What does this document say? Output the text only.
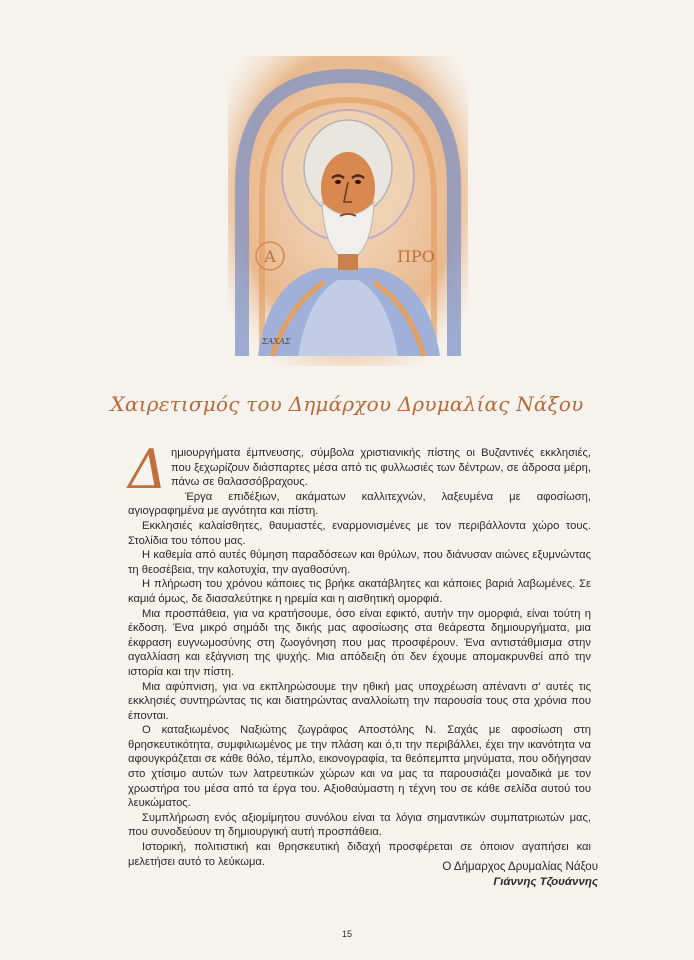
Α	ΠΡΟ
ΣΑΧΑΣ
Χαιρετισμός του Δημάρχου Δρυμαλίας Νάξου

Δημιουργήματα έμπνευσης, σύμβολα χριστιανικής πίστης οι Βυζαντινές εκκλησιές, που ξεχωρίζουν διάσπαρτες μέσα από τις φυλλωσιές των δέντρων, σε άδροσα μέρη, πάνω σε θαλασσόβραχους.

Έργα επιδέξιων, ακάματων καλλιτεχνών, λαξευμένα με αφοσίωση, αγιογραφημένα με αγνότητα και πίστη.

Εκκλησιές καλαίσθητες, θαυμαστές, εναρμονισμένες με τον περιβάλλοντα χώρο τους. Στολίδια του τόπου μας.

Η καθεμία από αυτές θύμηση παραδόσεων και θρύλων, που διάνυσαν αιώνες εξυμνώντας τη θεοσέβεια, την καλοτυχία, την αγαθοσύνη.

Η πλήρωση του χρόνου κάποιες τις βρήκε ακατάβλητες και κάποιες βαριά λαβωμένες. Σε καμιά όμως, δε διασαλεύτηκε η ηρεμία και η αισθητική ομορφιά.

Μια προσπάθεια, για να κρατήσουμε, όσο είναι εφικτό, αυτήν την ομορφιά, είναι τούτη η έκδοση. Ένα μικρό σημάδι της δικής μας αφοσίωσης στα θεάρεστα δημιουργήματα, μια έκφραση ευγνωμοσύνης στη ζωογόνηση που μας προσφέρουν. Ένα αντιστάθμισμα στην αγαλλίαση και εξάγνιση της ψυχής. Μια απόδειξη ότι δεν έχουμε απομακρυνθεί από την ιστορία και την πίστη.

Μια αφύπνιση, για να εκπληρώσουμε την ηθική μας υποχρέωση απέναντι σ' αυτές τις εκκλησιές συντηρώντας τις και διατηρώντας αναλλοίωτη την παρουσία τους στα χρόνια που έπονται.

Ο καταξιωμένος Ναξιώτης ζωγράφος Αποστόλης Ν. Σαχάς με αφοσίωση στη θρησκευτικότητα, συμφιλιωμένος με την πλάση και ό,τι την περιβάλλει, έχει την ικανότητα να αφουγκράζεται σε κάθε θόλο, τέμπλο, εικονογραφία, τα θεόπεμπτα μηνύματα, που οδήγησαν στο χτίσιμο αυτών των λατρευτικών χώρων και να μας τα παρουσιάζει μοναδικά με τον χρωστήρα του μέσα από τα έργα του. Αξιοθαύμαστη η τέχνη του σε κάθε σελίδα αυτού του λευκώματος.

Συμπλήρωση ενός αξιομίμητου συνόλου είναι τα λόγια σημαντικών συμπατριωτών μας, που συνοδεύουν τη δημιουργική αυτή προσπάθεια.

Ιστορική, πολιτιστική και θρησκευτική διδαχή προσφέρεται σε όποιον αγαπήσει και μελετήσει αυτό το λεύκωμα.	Ο Δήμαρχος Δρυμαλίας Νάξου
Γιάννης Τζουάννης
15
